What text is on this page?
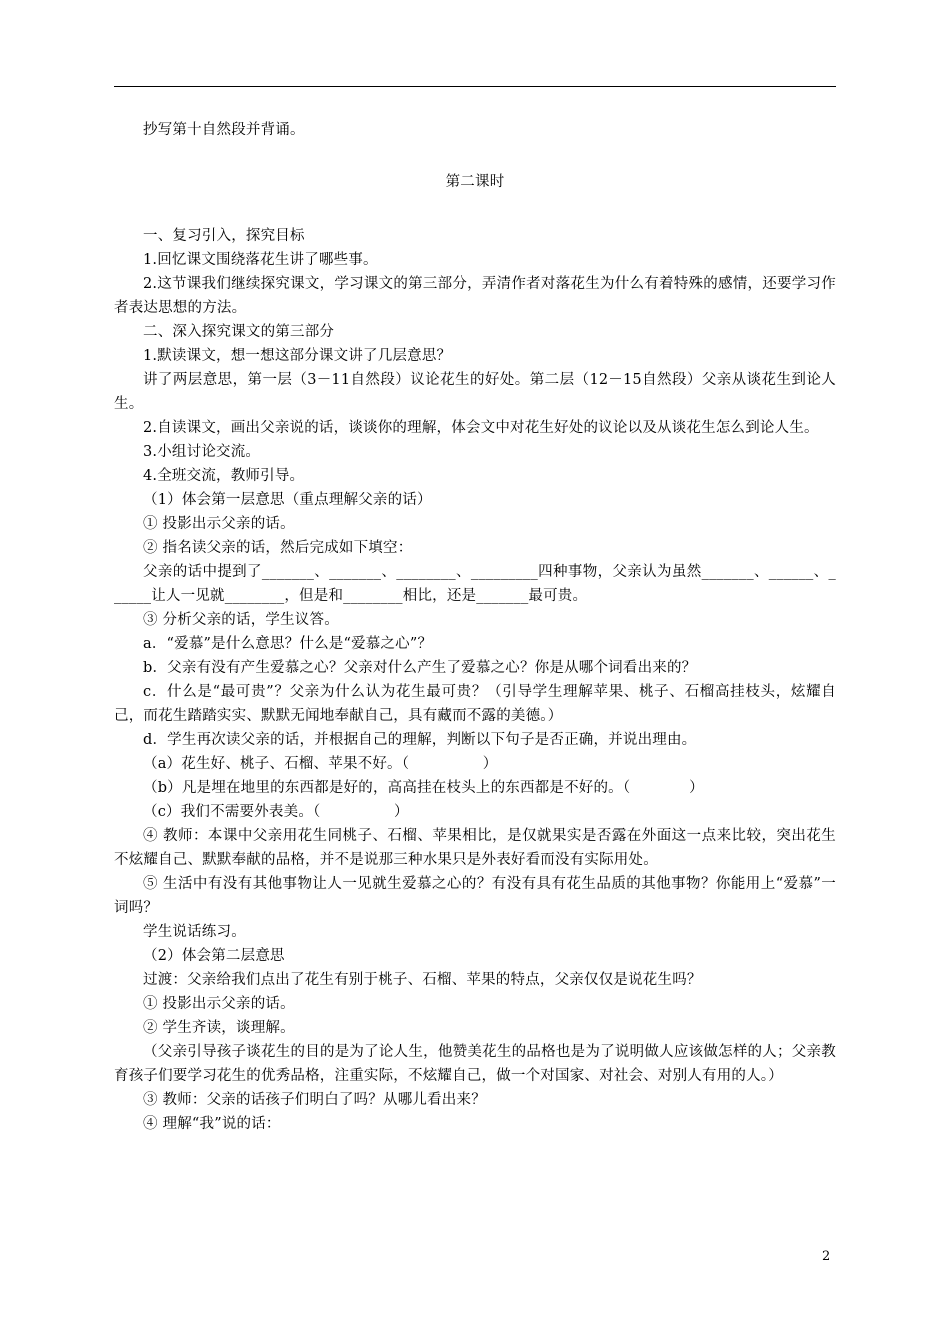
抄写第十自然段并背诵。

第二课时

一、复习引入，探究目标

1.回忆课文围绕落花生讲了哪些事。

2.这节课我们继续探究课文，学习课文的第三部分，弄清作者对落花生为什么有着特殊的感情，还要学习作者表达思想的方法。

二、深入探究课文的第三部分

1.默读课文，想一想这部分课文讲了几层意思？

讲了两层意思，第一层（3－11自然段）议论花生的好处。第二层（12－15自然段）父亲从谈花生到论人生。

2.自读课文，画出父亲说的话，谈谈你的理解，体会文中对花生好处的议论以及从谈花生怎么到论人生。

3.小组讨论交流。

4.全班交流，教师引导。

（1）体会第一层意思（重点理解父亲的话）

① 投影出示父亲的话。

② 指名读父亲的话，然后完成如下填空：

父亲的话中提到了_______、_______、________、_________四种事物，父亲认为虽然_______、______、______让人一见就________，但是和________相比，还是_______最可贵。

③ 分析父亲的话，学生议答。

a．“爱慕”是什么意思？什么是“爱慕之心”？

b．父亲有没有产生爱慕之心？父亲对什么产生了爱慕之心？你是从哪个词看出来的？

c．什么是“最可贵”？父亲为什么认为花生最可贵？（引导学生理解苹果、桃子、石榴高挂枝头，炫耀自己，而花生踏踏实实、默默无闻地奉献自己，具有藏而不露的美德。）

d．学生再次读父亲的话，并根据自己的理解，判断以下句子是否正确，并说出理由。

（a）花生好、桃子、石榴、苹果不好。（　　　　　）

（b）凡是埋在地里的东西都是好的，高高挂在枝头上的东西都是不好的。（　　　　）

（c）我们不需要外表美。（　　　　　）

④ 教师：本课中父亲用花生同桃子、石榴、苹果相比，是仅就果实是否露在外面这一点来比较，突出花生不炫耀自己、默默奉献的品格，并不是说那三种水果只是外表好看而没有实际用处。

⑤ 生活中有没有其他事物让人一见就生爱慕之心的？有没有具有花生品质的其他事物？你能用上“爱慕”一词吗？

学生说话练习。

（2）体会第二层意思

过渡：父亲给我们点出了花生有别于桃子、石榴、苹果的特点，父亲仅仅是说花生吗？

① 投影出示父亲的话。

② 学生齐读，谈理解。

（父亲引导孩子谈花生的目的是为了论人生，他赞美花生的品格也是为了说明做人应该做怎样的人；父亲教育孩子们要学习花生的优秀品格，注重实际，不炫耀自己，做一个对国家、对社会、对别人有用的人。）

③ 教师：父亲的话孩子们明白了吗？从哪儿看出来？

④ 理解“我”说的话：

2
